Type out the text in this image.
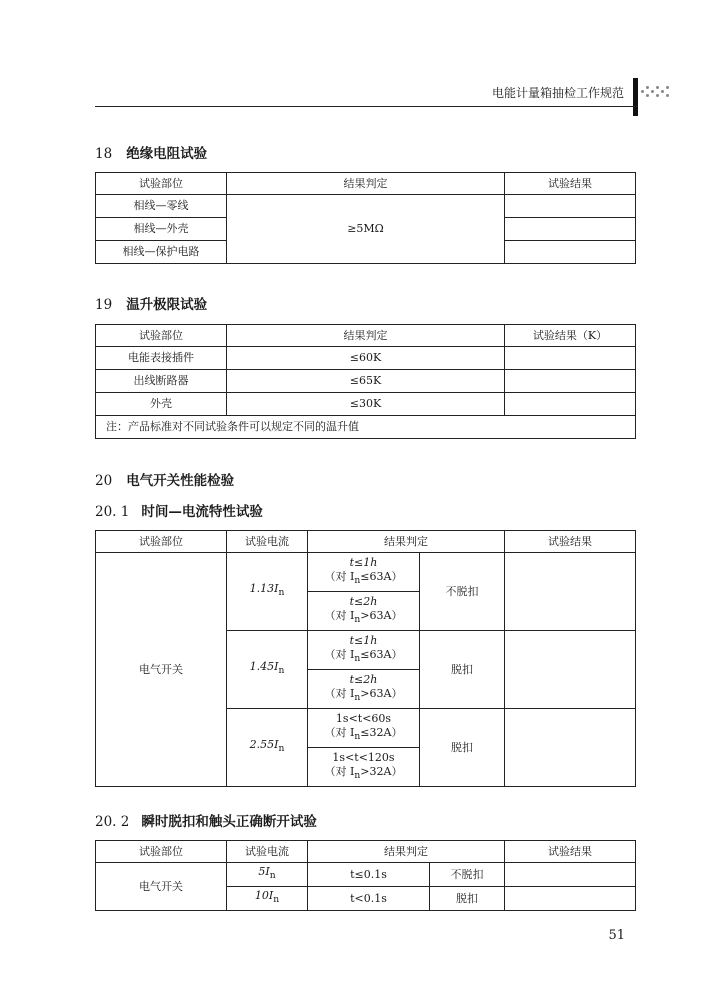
电能计量箱抽检工作规范
18 绝缘电阻试验
试验部位	结果判定	试验结果
相线—零线	≥5MΩ	
相线—外壳		
相线—保护电路		
19 温升极限试验
试验部位	结果判定	试验结果（K）
电能表接插件	≤60K	
出线断路器	≤65K	
外壳	≤30K	
注：产品标准对不同试验条件可以规定不同的温升值		
20 电气开关性能检验
20. 1 时间—电流特性试验
试验部位	试验电流	结果判定		试验结果
电气开关	$1.13I_n$	t≤1h
（对 $I_n\le 63A$）	不脱扣	

		t≤2h
（对 $I_n>63A$）		

	$1.45I_n$	t≤1h
（对 $I_n\le 63A$）	脱扣	

		t≤2h
（对 $I_n>63A$）		

	$2.55I_n$	1s<t<60s
（对 $I_n\le 32A$）	脱扣	

		1s<t<120s
（对 $I_n>32A$）		
20. 2 瞬时脱扣和触头正确断开试验
试验部位	试验电流	结果判定		试验结果
电气开关	$5I_n$	t≤0.1s	不脱扣	
	$10I_n$	t<0.1s	脱扣	
51
